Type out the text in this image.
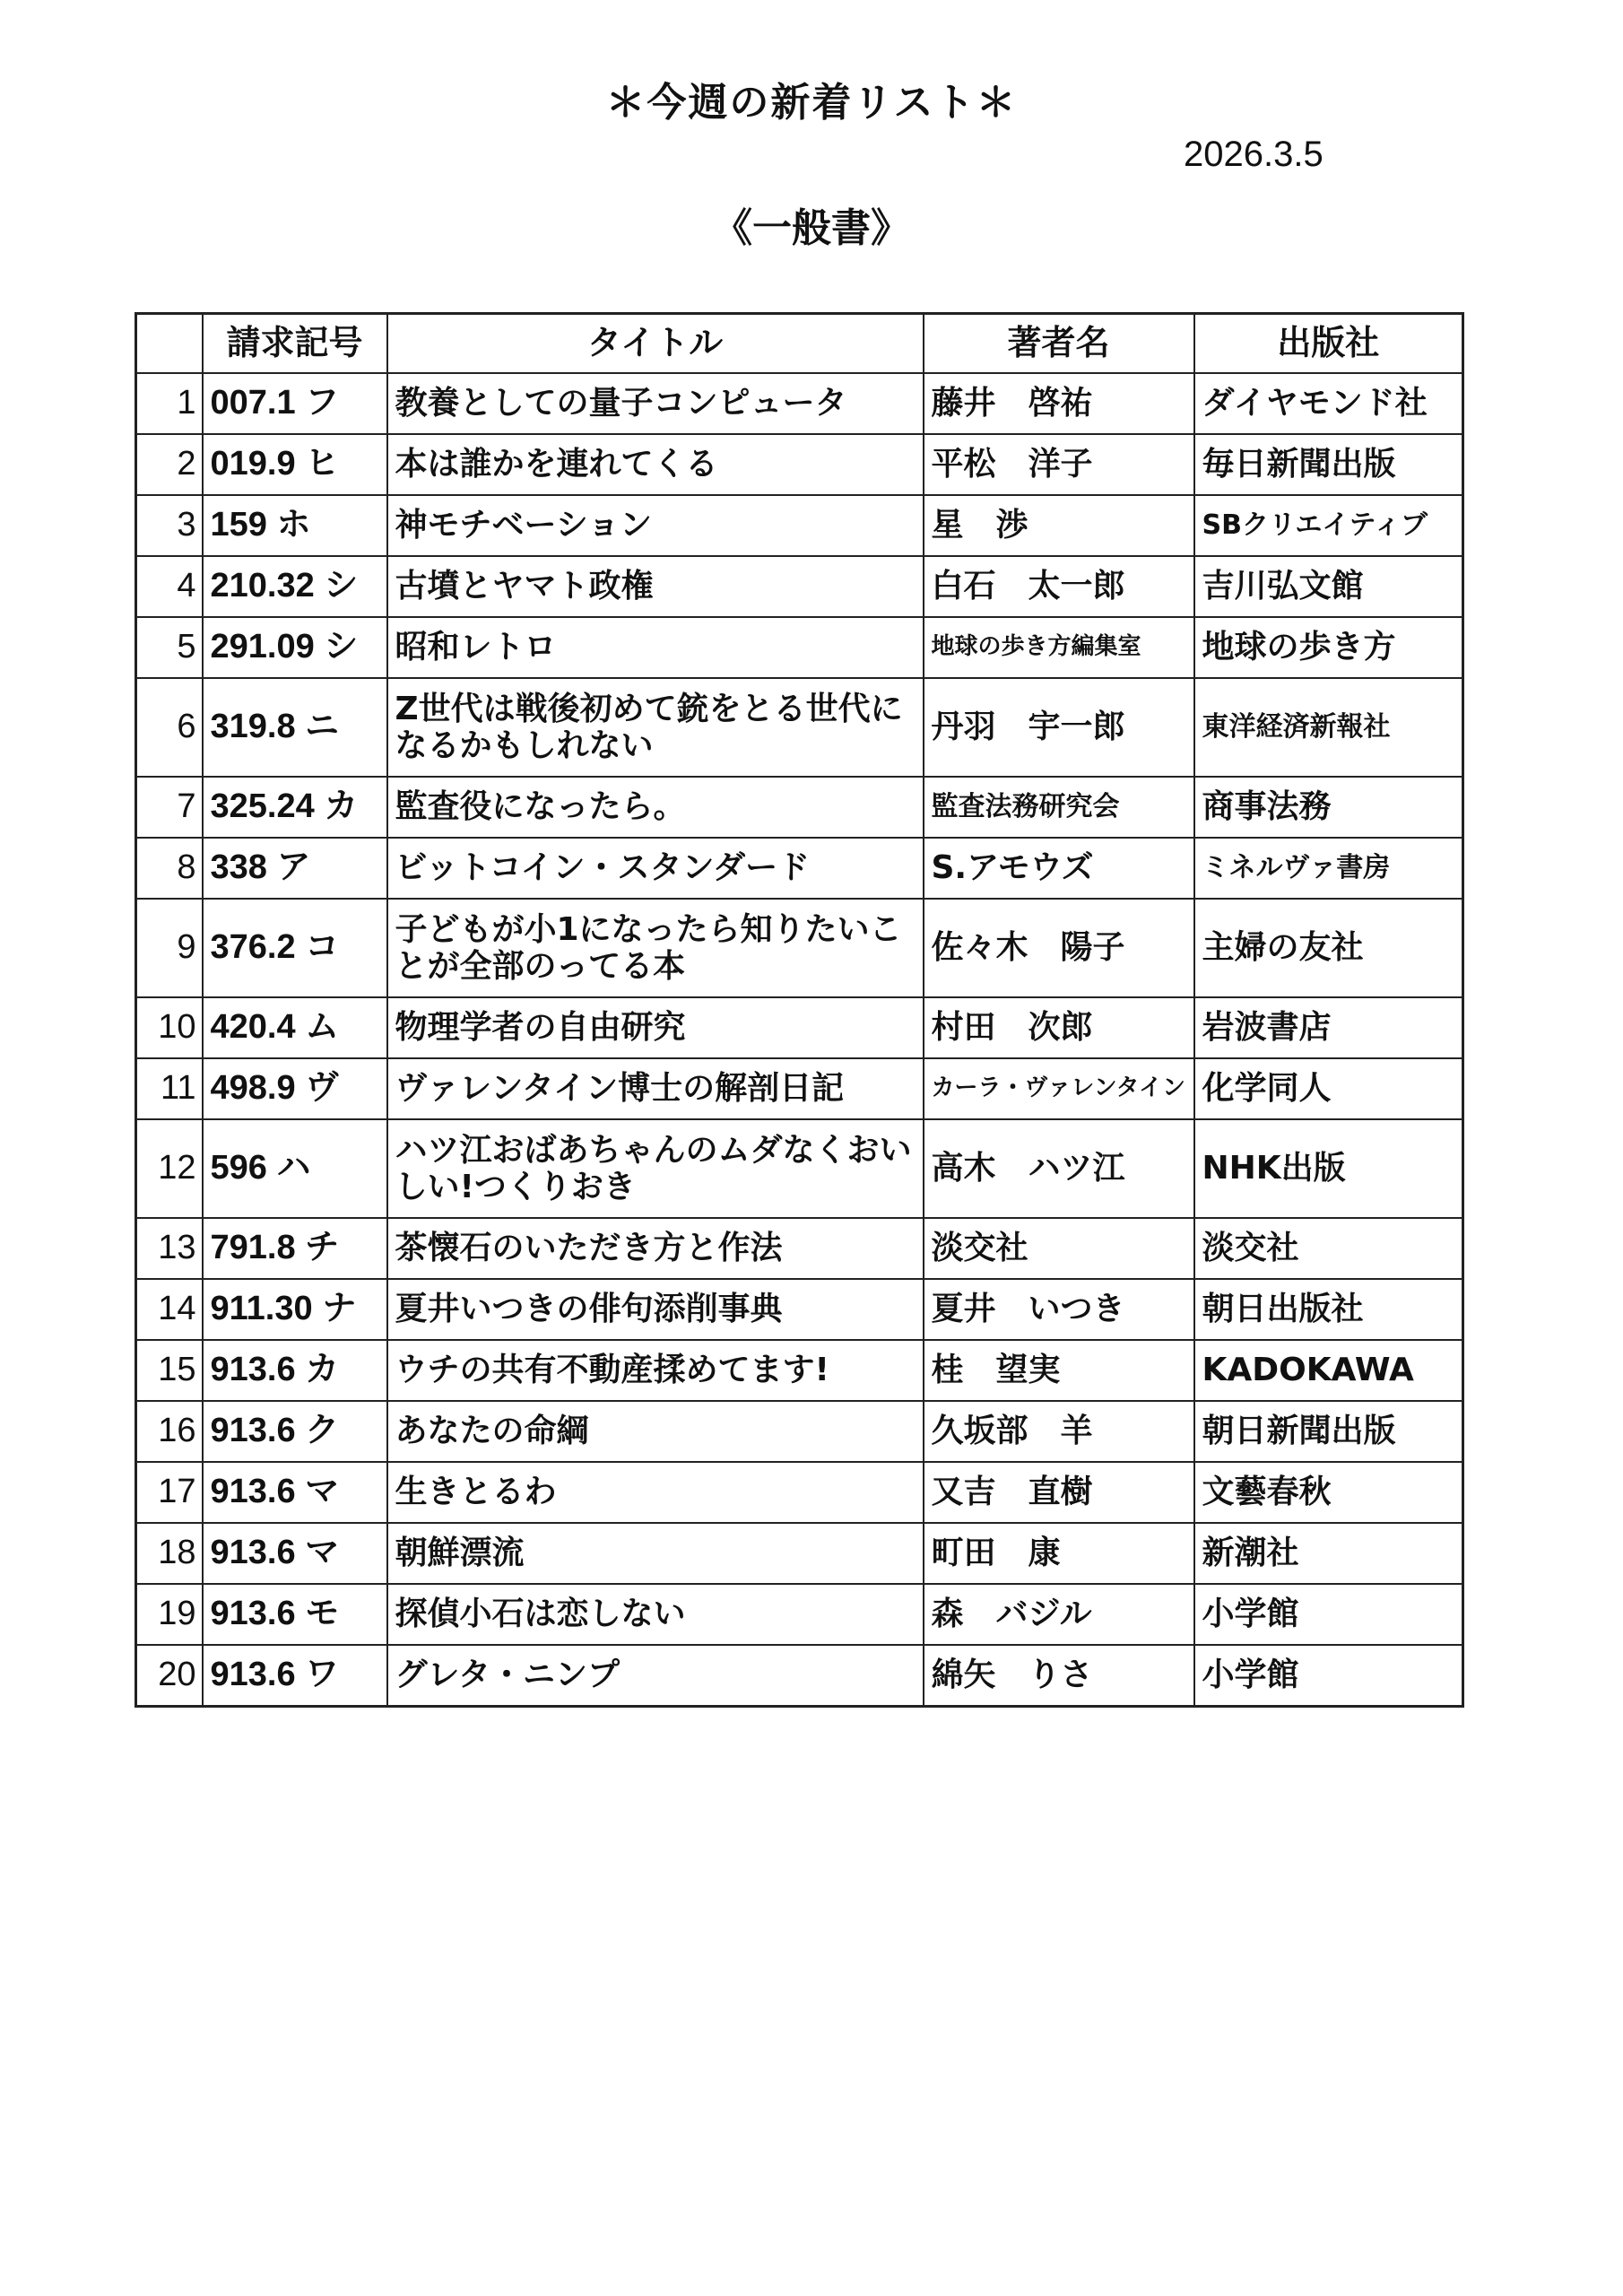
＊今週の新着リスト＊
2026.3.5
《一般書》
	請求記号	タイトル	著者名	出版社
1	007.1 フ	教養としての量子コンピュータ	藤井　啓祐	ダイヤモンド社
2	019.9 ヒ	本は誰かを連れてくる	平松　洋子	毎日新聞出版
3	159 ホ	神モチベーション	星　渉	SBクリエイティブ
4	210.32 シ	古墳とヤマト政権	白石　太一郎	吉川弘文館
5	291.09 シ	昭和レトロ	地球の歩き方編集室	地球の歩き方
6	319.8 ニ	Z世代は戦後初めて銃をとる世代になるかもしれない	丹羽　宇一郎	東洋経済新報社
7	325.24 カ	監査役になったら。	監査法務研究会	商事法務
8	338 ア	ビットコイン・スタンダード	S.アモウズ	ミネルヴァ書房
9	376.2 コ	子どもが小1になったら知りたいことが全部のってる本	佐々木　陽子	主婦の友社
10	420.4 ム	物理学者の自由研究	村田　次郎	岩波書店
11	498.9 ヴ	ヴァレンタイン博士の解剖日記	カーラ・ヴァレンタイン	化学同人
12	596 ハ	ハツ江おばあちゃんのムダなくおいしい!つくりおき	高木　ハツ江	NHK出版
13	791.8 チ	茶懐石のいただき方と作法	淡交社	淡交社
14	911.30 ナ	夏井いつきの俳句添削事典	夏井　いつき	朝日出版社
15	913.6 カ	ウチの共有不動産揉めてます!	桂　望実	KADOKAWA
16	913.6 ク	あなたの命綱	久坂部　羊	朝日新聞出版
17	913.6 マ	生きとるわ	又吉　直樹	文藝春秋
18	913.6 マ	朝鮮漂流	町田　康	新潮社
19	913.6 モ	探偵小石は恋しない	森　バジル	小学館
20	913.6 ワ	グレタ・ニンプ	綿矢　りさ	小学館
